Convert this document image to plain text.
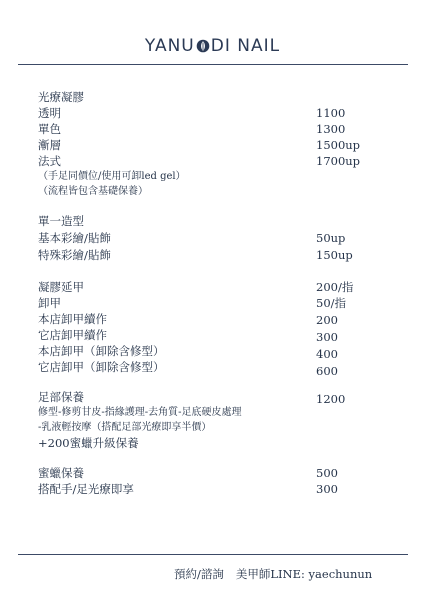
YANU DI NAIL
光療凝膠
透明	1100
單色	1300
漸層	1500up
法式	1700up
（手足同價位/使用可卸led gel）
（流程皆包含基礎保養）
單一造型
基本彩繪/貼飾	50up
特殊彩繪/貼飾	150up
凝膠延甲	200/指
卸甲	50/指
本店卸甲續作	200
它店卸甲續作	300
本店卸甲（卸除含修型）	400
它店卸甲（卸除含修型）	600
足部保養	1200
修型-修剪甘皮-指緣護理-去角質-足底硬皮處理
-乳液輕按摩（搭配足部光療即享半價）
+200蜜蠟升級保養
蜜蠟保養	500
搭配手/足光療即享	300
預約/諮詢 美甲師LINE: yaechunun
